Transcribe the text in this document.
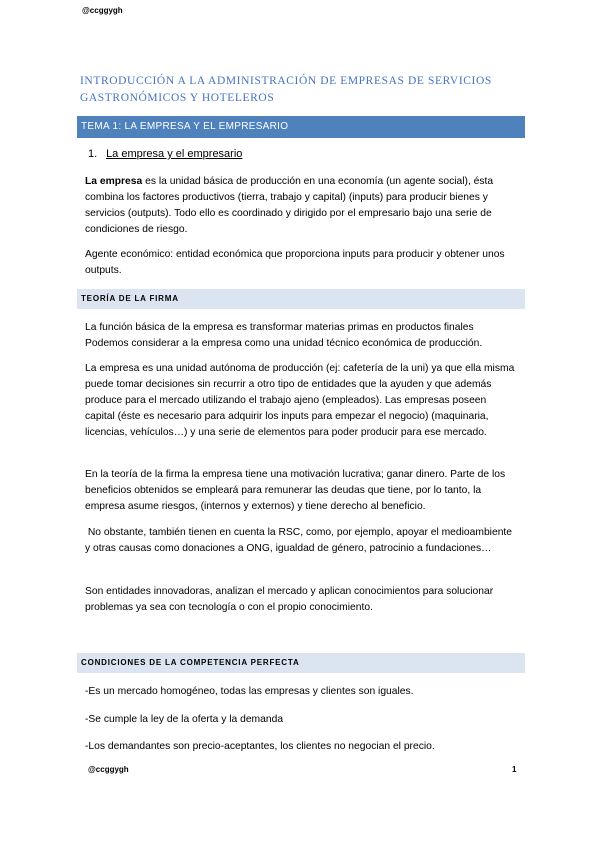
@ccggygh
INTRODUCCIÓN A LA ADMINISTRACIÓN DE EMPRESAS DE SERVICIOS
GASTRONÓMICOS Y HOTELEROS
TEMA 1: LA EMPRESA Y EL EMPRESARIO
1. La empresa y el empresario
La empresa es la unidad básica de producción en una economía (un agente social), ésta combina los factores productivos (tierra, trabajo y capital) (inputs) para producir bienes y servicios (outputs). Todo ello es coordinado y dirigido por el empresario bajo una serie de condiciones de riesgo.
Agente económico: entidad económica que proporciona inputs para producir y obtener unos outputs.
TEORÍA DE LA FIRMA
La función básica de la empresa es transformar materias primas en productos finales Podemos considerar a la empresa como una unidad técnico económica de producción.
La empresa es una unidad autónoma de producción (ej: cafetería de la uni) ya que ella misma puede tomar decisiones sin recurrir a otro tipo de entidades que la ayuden y que además produce para el mercado utilizando el trabajo ajeno (empleados). Las empresas poseen capital (éste es necesario para adquirir los inputs para empezar el negocio) (maquinaria, licencias, vehículos…) y una serie de elementos para poder producir para ese mercado.
En la teoría de la firma la empresa tiene una motivación lucrativa; ganar dinero. Parte de los beneficios obtenidos se empleará para remunerar las deudas que tiene, por lo tanto, la empresa asume riesgos, (internos y externos) y tiene derecho al beneficio.
No obstante, también tienen en cuenta la RSC, como, por ejemplo, apoyar el medioambiente y otras causas como donaciones a ONG, igualdad de género, patrocinio a fundaciones…
Son entidades innovadoras, analizan el mercado y aplican conocimientos para solucionar problemas ya sea con tecnología o con el propio conocimiento.
CONDICIONES DE LA COMPETENCIA PERFECTA
-Es un mercado homogéneo, todas las empresas y clientes son iguales.
-Se cumple la ley de la oferta y la demanda
-Los demandantes son precio-aceptantes, los clientes no negocian el precio.
@ccggygh	1
